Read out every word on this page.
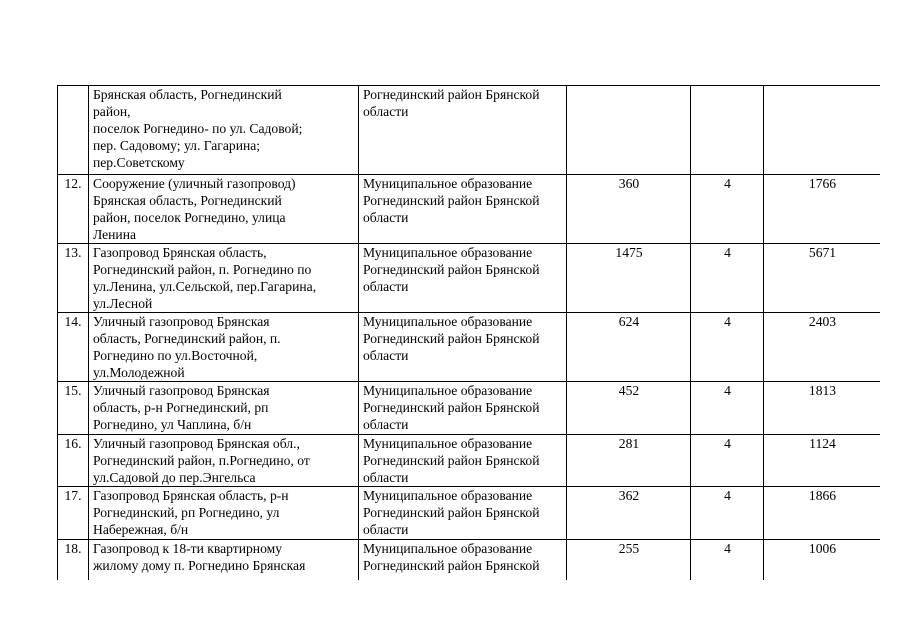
	Брянская область, Рогнединский
район,
поселок Рогнедино- по ул. Садовой;
пер. Садовому; ул. Гагарина;
пер.Советскому	Рогнединский район Брянской
области			
12.	Сооружение (уличный газопровод)
Брянская область, Рогнединский
район, поселок Рогнедино, улица
Ленина	Муниципальное образование
Рогнединский район Брянской
области	360	4	1766
13.	Газопровод Брянская область,
Рогнединский район, п. Рогнедино по
ул.Ленина, ул.Сельской, пер.Гагарина,
ул.Лесной	Муниципальное образование
Рогнединский район Брянской
области	1475	4	5671
14.	Уличный газопровод Брянская
область, Рогнединский район, п.
Рогнедино по ул.Восточной,
ул.Молодежной	Муниципальное образование
Рогнединский район Брянской
области	624	4	2403
15.	Уличный газопровод Брянская
область, р-н Рогнединский, рп
Рогнедино, ул Чаплина, б/н	Муниципальное образование
Рогнединский район Брянской
области	452	4	1813
16.	Уличный газопровод Брянская обл.,
Рогнединский район, п.Рогнедино, от
ул.Садовой до пер.Энгельса	Муниципальное образование
Рогнединский район Брянской
области	281	4	1124
17.	Газопровод Брянская область, р-н
Рогнединский, рп Рогнедино, ул
Набережная, б/н	Муниципальное образование
Рогнединский район Брянской
области	362	4	1866
18.	Газопровод к 18-ти квартирному
жилому дому п. Рогнедино Брянская	Муниципальное образование
Рогнединский район Брянской	255	4	1006
